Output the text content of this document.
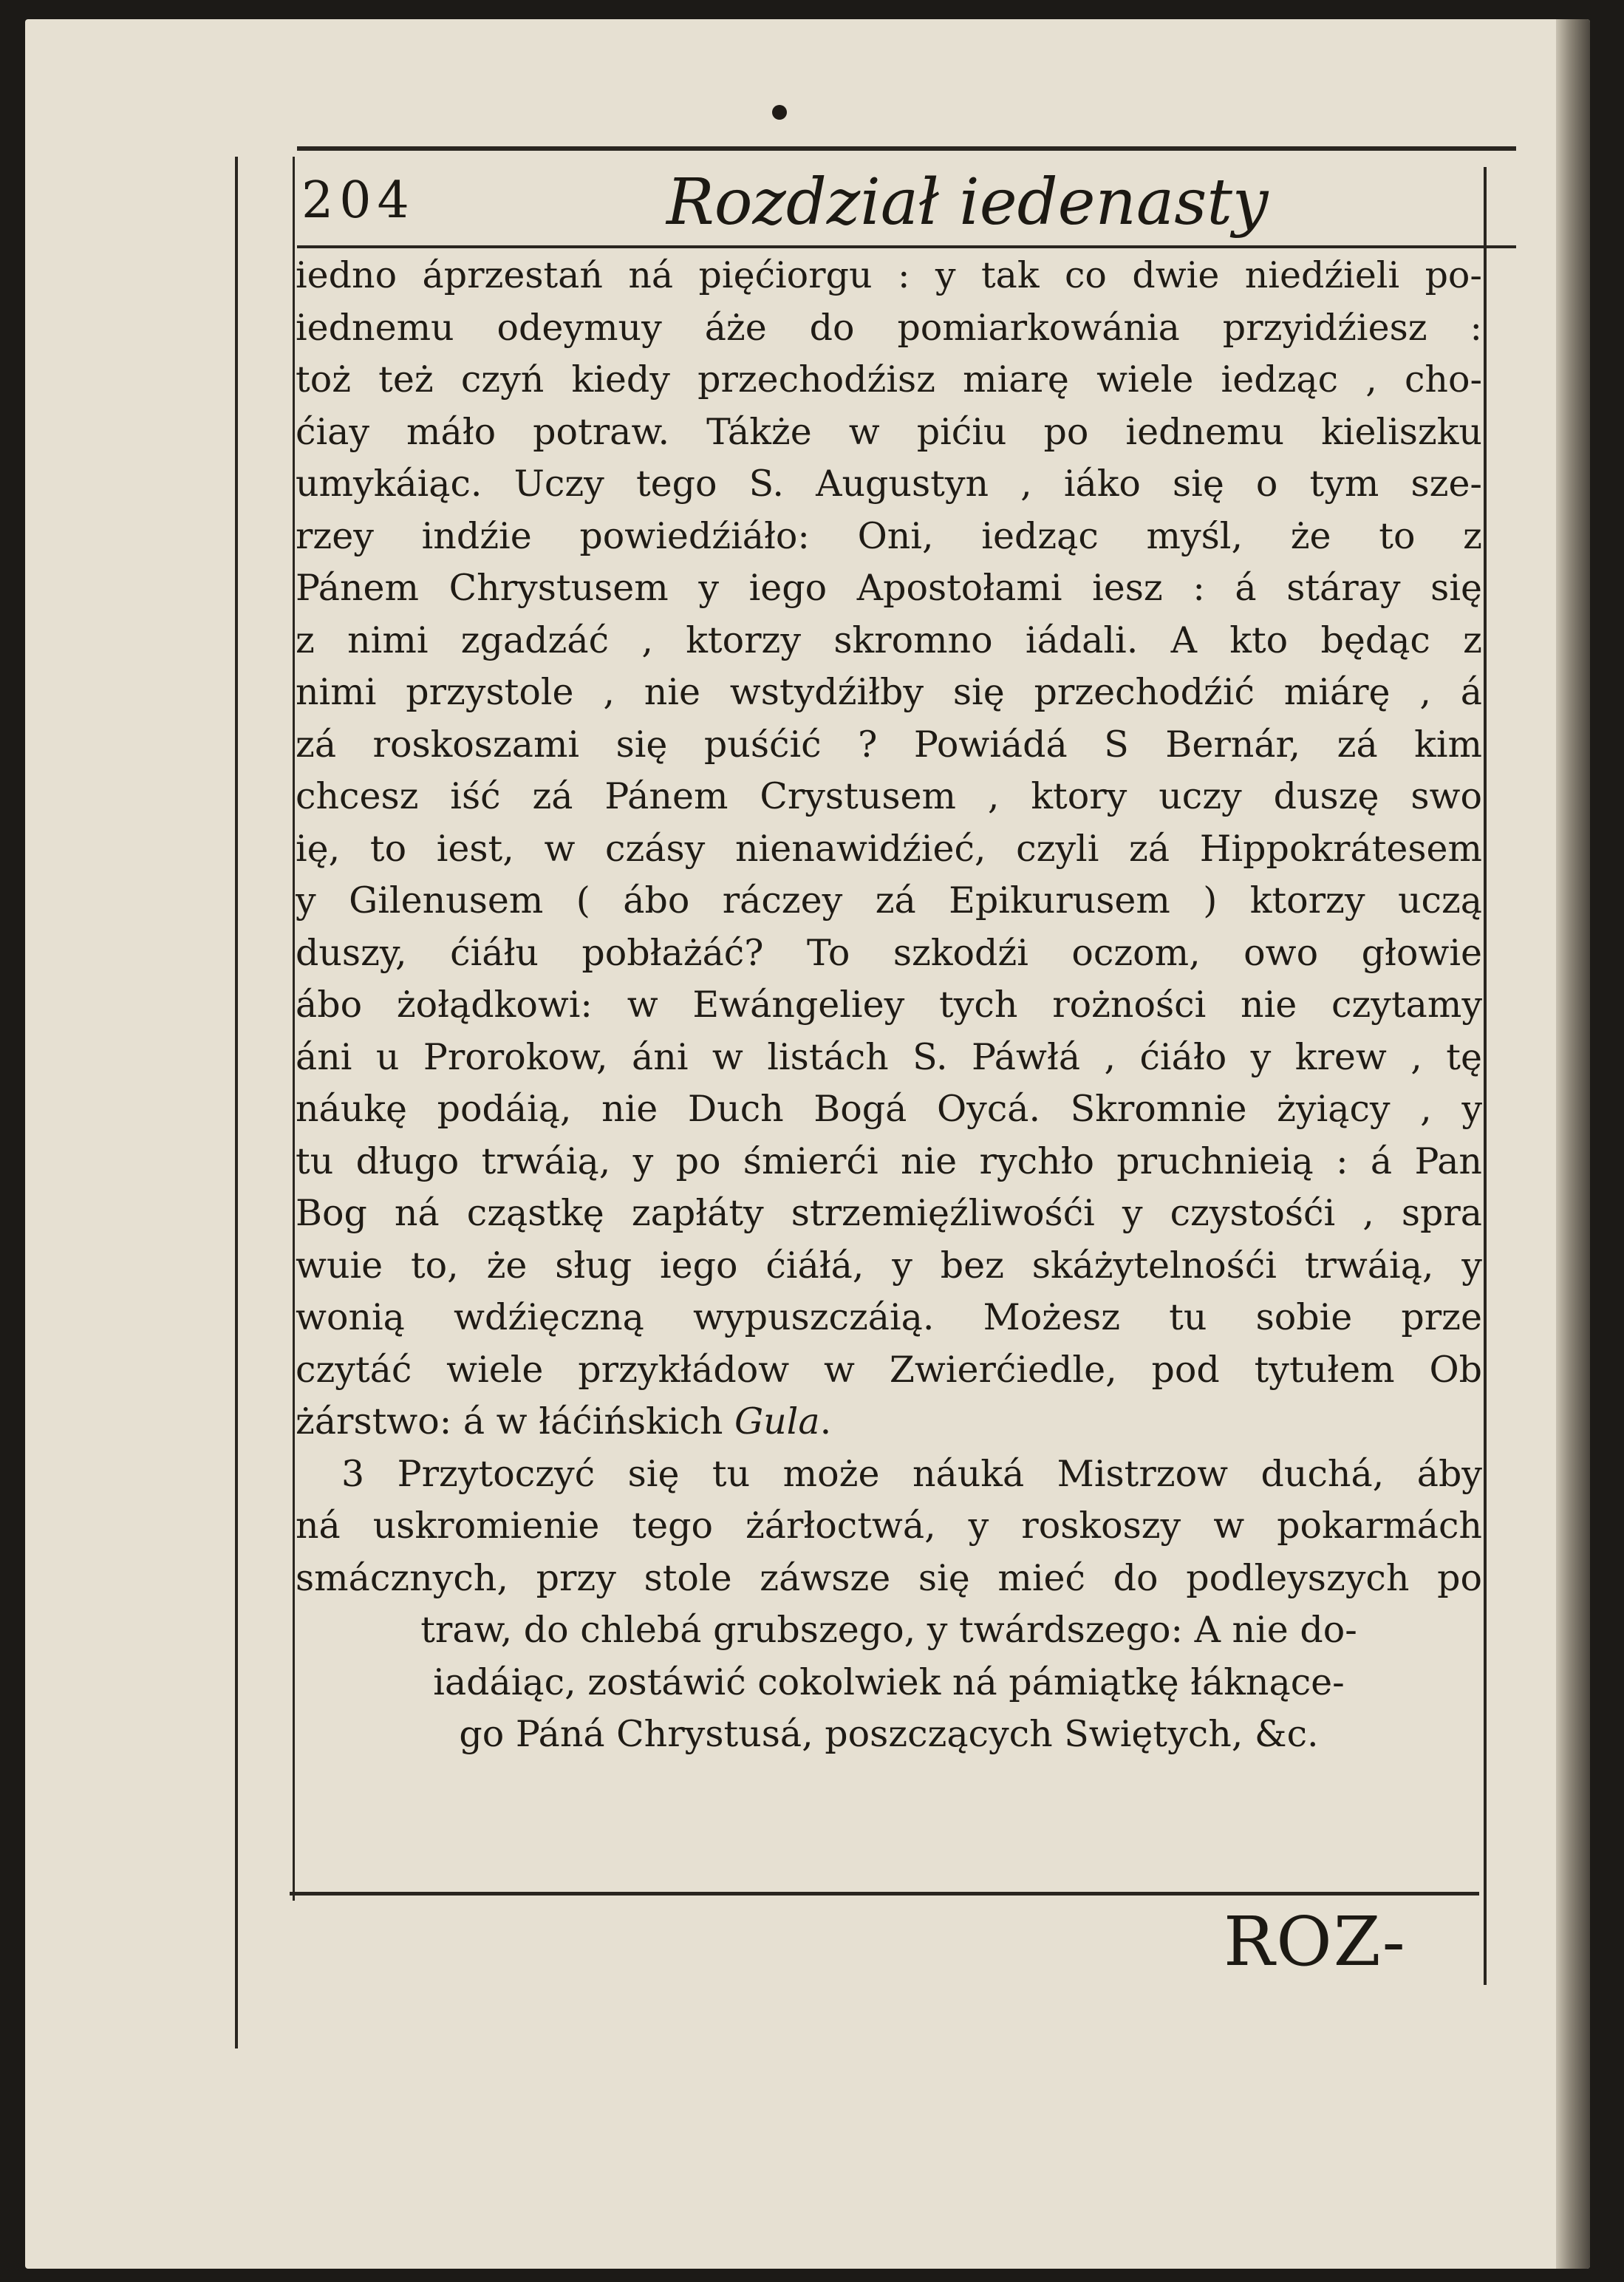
204	Rozdział iedenasty
iedno áprzestań ná pięćiorgu : y tak co dwie niedźieli po-
iednemu odeymuy áże do pomiarkowánia przyidźiesz :
toż też czyń kiedy przechodźisz miarę wiele iedząc , cho-
ćiay máło potraw. Tákże w pićiu po iednemu kieliszku
umykáiąc. Uczy tego S. Augustyn , iáko się o tym sze-
rzey indźie powiedźiáło: Oni, iedząc myśl, że to z
Pánem Chrystusem y iego Apostołami iesz : á stáray się
z nimi zgadzáć , ktorzy skromno iádali. A kto będąc z
nimi przystole , nie wstydźiłby się przechodźić miárę , á
zá roskoszami się puśćić ? Powiádá S Bernár, zá kim
chcesz iść zá Pánem Crystusem , ktory uczy duszę swo
ię, to iest, w czásy nienawidźieć, czyli zá Hippokrátesem
y Gilenusem ( ábo ráczey zá Epikurusem ) ktorzy uczą
duszy, ćiáłu pobłażáć? To szkodźi oczom, owo głowie
ábo żołądkowi: w Ewángeliey tych rożności nie czytamy
áni u Prorokow, áni w listách S. Páwłá , ćiáło y krew , tę
náukę podáią, nie Duch Bogá Oycá. Skromnie żyiący , y
tu długo trwáią, y po śmierći nie rychło pruchnieią : á Pan
Bog ná cząstkę zapłáty strzemięźliwośći y czystośći , spra
wuie to, że sług iego ćiáłá, y bez skáżytelnośći trwáią, y
wonią wdźięczną wypuszczáią. Możesz tu sobie prze
czytáć wiele przykłádow w Zwierćiedle, pod tytułem Ob
żárstwo: á w łáćińskich Gula.
3 Przytoczyć się tu może náuká Mistrzow duchá, áby
ná uskromienie tego żárłoctwá, y roskoszy w pokarmách
smácznych, przy stole záwsze się mieć do podleyszych po
traw, do chlebá grubszego, y twárdszego: A nie do-
iadáiąc, zostáwić cokolwiek ná pámiątkę łáknące-
go Páná Chrystusá, poszczących Swiętych, &c.
ROZ-
